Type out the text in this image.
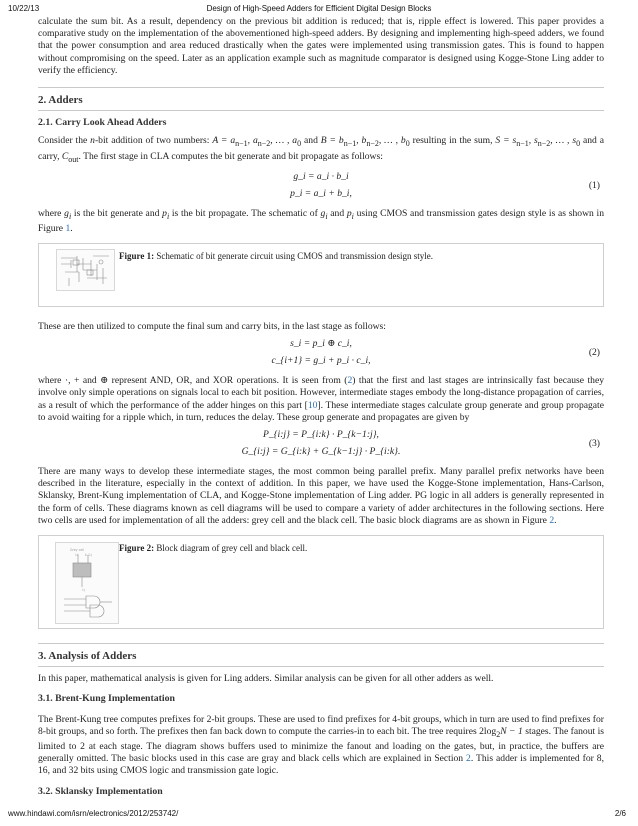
10/22/13	Design of High-Speed Adders for Efficient Digital Design Blocks

calculate the sum bit. As a result, dependency on the previous bit addition is reduced; that is, ripple effect is lowered. This paper provides a comparative study on the implementation of the abovementioned high-speed adders. By designing and implementing high-speed adders, we found that the power consumption and area reduced drastically when the gates were implemented using transmission gates. This is found to happen without compromising on the speed. Later as an application example such as magnitude comparator is designed using Kogge-Stone Ling adder to verify the efficiency.

2. Adders
2.1. Carry Look Ahead Adders

Consider the n-bit addition of two numbers: $A = a_{n-1}$, $a_{n-2}$, … , $a_0$ and $B = b_{n-1}$, $b_{n-2}$, … , $b_0$ resulting in the sum, $S = s_{n-1}$, $s_{n-2}$, … , $s_0$ and a carry, $C_{out}$. The first stage in CLA computes the bit generate and bit propagate as follows:

g_i = a_i · b_i
p_i = a_i + b_i,
(1)

where $g_i$ is the bit generate and $p_i$ is the bit propagate. The schematic of $g_i$ and $p_i$ using CMOS and transmission gates design style is as shown in Figure 1.

Figure 1: Schematic of bit generate circuit using CMOS and transmission design style.

These are then utilized to compute the final sum and carry bits, in the last stage as follows:

s_i = p_i ⊕ c_i,
c_{i+1} = g_i + p_i · c_i,
(2)

where ·, + and ⊕ represent AND, OR, and XOR operations. It is seen from (2) that the first and last stages are intrinsically fast because they involve only simple operations on signals local to each bit position. However, intermediate stages embody the long-distance propagation of carries, as a result of which the performance of the adder hinges on this part [10]. These intermediate stages calculate group generate and group propagate to avoid waiting for a ripple which, in turn, reduces the delay. These group generate and propagates are given by

P_{i:j} = P_{i:k} · P_{k−1:j},
G_{i:j} = G_{i:k} + G_{k−1:j} · P_{i:k}.
(3)

There are many ways to develop these intermediate stages, the most common being parallel prefix. Many parallel prefix networks have been described in the literature, especially in the context of addition. In this paper, we have used the Kogge-Stone implementation, Hans-Carlson, Sklansky, Brent-Kung implementation of CLA, and Kogge-Stone implementation of Ling adder. PG logic in all adders is generally represented in the form of cells. These diagrams known as cell diagrams will be used to compare a variety of adder architectures in the following sections. Here two cells are used for implementation of all the adders: grey cell and the black cell. The basic block diagrams are as shown in Figure 2.

Grey cell
i:k k-1:j
i:j
Figure 2: Block diagram of grey cell and black cell.
3. Analysis of Adders

In this paper, mathematical analysis is given for Ling adders. Similar analysis can be given for all other adders as well.

3.1. Brent-Kung Implementation

The Brent-Kung tree computes prefixes for 2-bit groups. These are used to find prefixes for 4-bit groups, which in turn are used to find prefixes for 8-bit groups, and so forth. The prefixes then fan back down to compute the carries-in to each bit. The tree requires $2\log_2N - 1$ stages. The fanout is limited to 2 at each stage. The diagram shows buffers used to minimize the fanout and loading on the gates, but, in practice, the buffers are generally omitted. The basic blocks used in this case are gray and black cells which are explained in Section 2. This adder is implemented for 8, 16, and 32 bits using CMOS logic and transmission gate logic.

3.2. Sklansky Implementation
www.hindawi.com/isrn/electronics/2012/253742/	2/6
